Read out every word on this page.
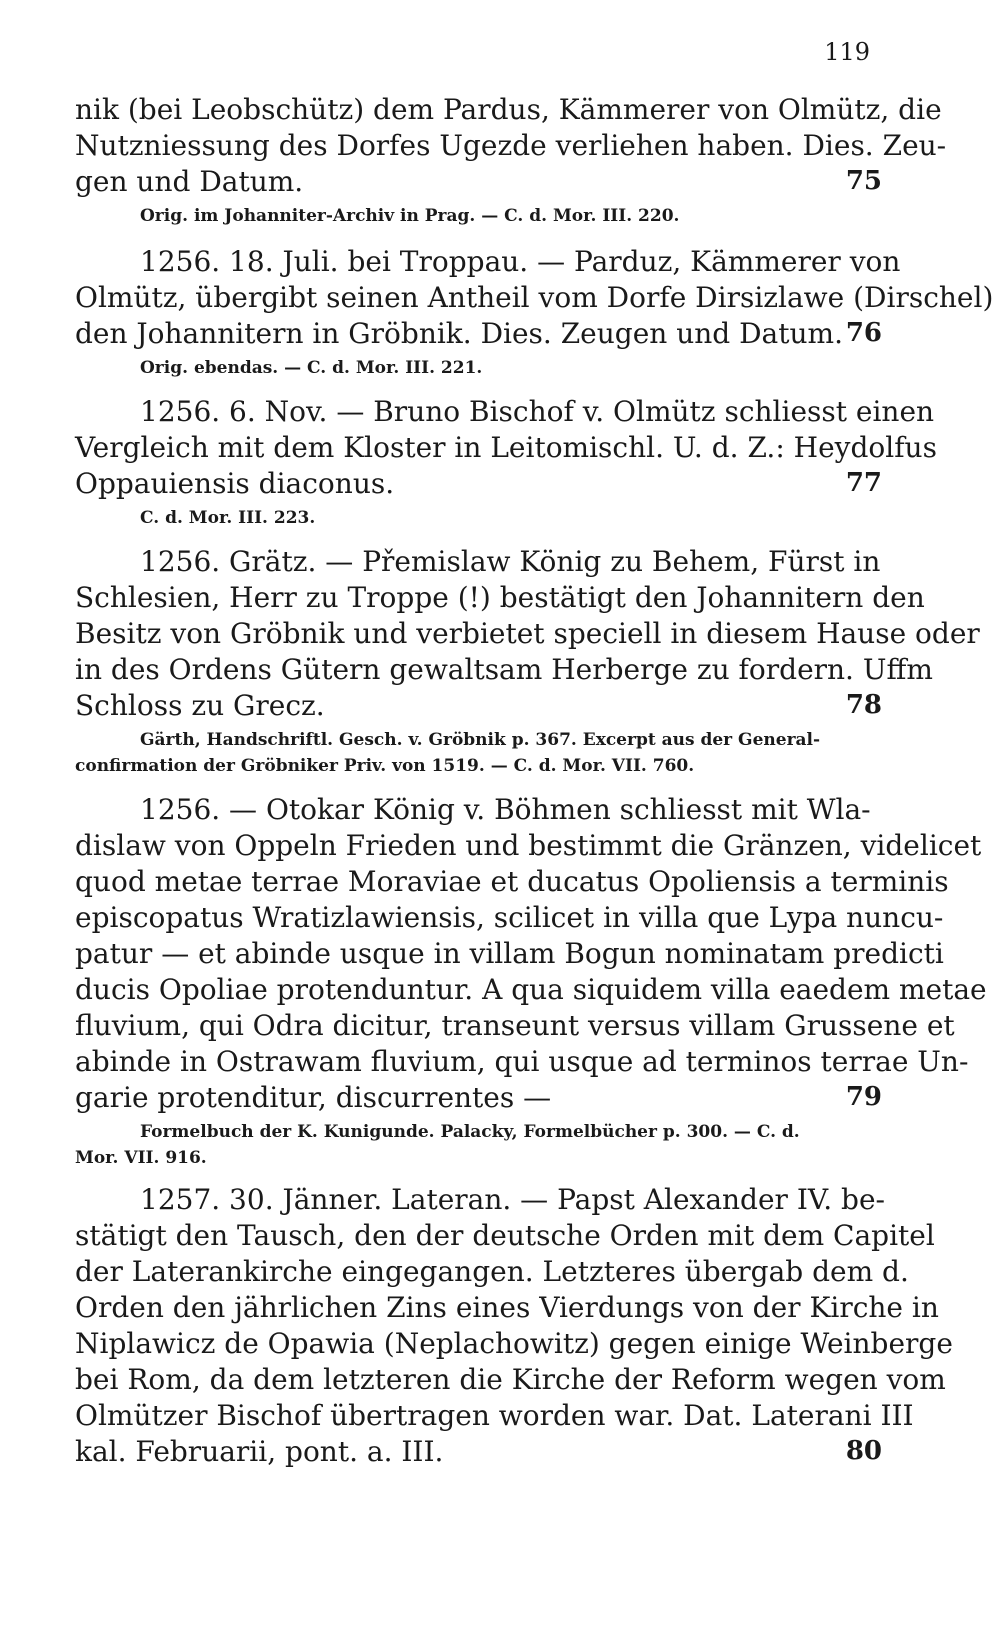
119
nik (bei Leobschütz) dem Pardus, Kämmerer von Olmütz, die
Nutzniessung des Dorfes Ugezde verliehen haben. Dies. Zeu-
gen und Datum.
Orig. im Johanniter-Archiv in Prag. — C. d. Mor. III. 220.
1256. 18. Juli. bei Troppau. — Parduz, Kämmerer von
Olmütz, übergibt seinen Antheil vom Dorfe Dirsizlawe (Dirschel)
den Johannitern in Gröbnik. Dies. Zeugen und Datum.
Orig. ebendas. — C. d. Mor. III. 221.
1256. 6. Nov. — Bruno Bischof v. Olmütz schliesst einen
Vergleich mit dem Kloster in Leitomischl. U. d. Z.: Heydolfus
Oppauiensis diaconus.
C. d. Mor. III. 223.
1256. Grätz. — Přemislaw König zu Behem, Fürst in
Schlesien, Herr zu Troppe (!) bestätigt den Johannitern den
Besitz von Gröbnik und verbietet speciell in diesem Hause oder
in des Ordens Gütern gewaltsam Herberge zu fordern. Uffm
Schloss zu Grecz.
Gärth, Handschriftl. Gesch. v. Gröbnik p. 367. Excerpt aus der General-
confirmation der Gröbniker Priv. von 1519. — C. d. Mor. VII. 760.
1256. — Otokar König v. Böhmen schliesst mit Wla-
dislaw von Oppeln Frieden und bestimmt die Gränzen, videlicet
quod metae terrae Moraviae et ducatus Opoliensis a terminis
episcopatus Wratizlawiensis, scilicet in villa que Lypa nuncu-
patur — et abinde usque in villam Bogun nominatam predicti
ducis Opoliae protenduntur. A qua siquidem villa eaedem metae
fluvium, qui Odra dicitur, transeunt versus villam Grussene et
abinde in Ostrawam fluvium, qui usque ad terminos terrae Un-
garie protenditur, discurrentes —
Formelbuch der K. Kunigunde. Palacky, Formelbücher p. 300. — C. d.
Mor. VII. 916.
1257. 30. Jänner. Lateran. — Papst Alexander IV. be-
stätigt den Tausch, den der deutsche Orden mit dem Capitel
der Laterankirche eingegangen. Letzteres übergab dem d.
Orden den jährlichen Zins eines Vierdungs von der Kirche in
Niplawicz de Opawia (Neplachowitz) gegen einige Weinberge
bei Rom, da dem letzteren die Kirche der Reform wegen vom
Olmützer Bischof übertragen worden war. Dat. Laterani III
kal. Februarii, pont. a. III.
75
76
77
78
79
80
